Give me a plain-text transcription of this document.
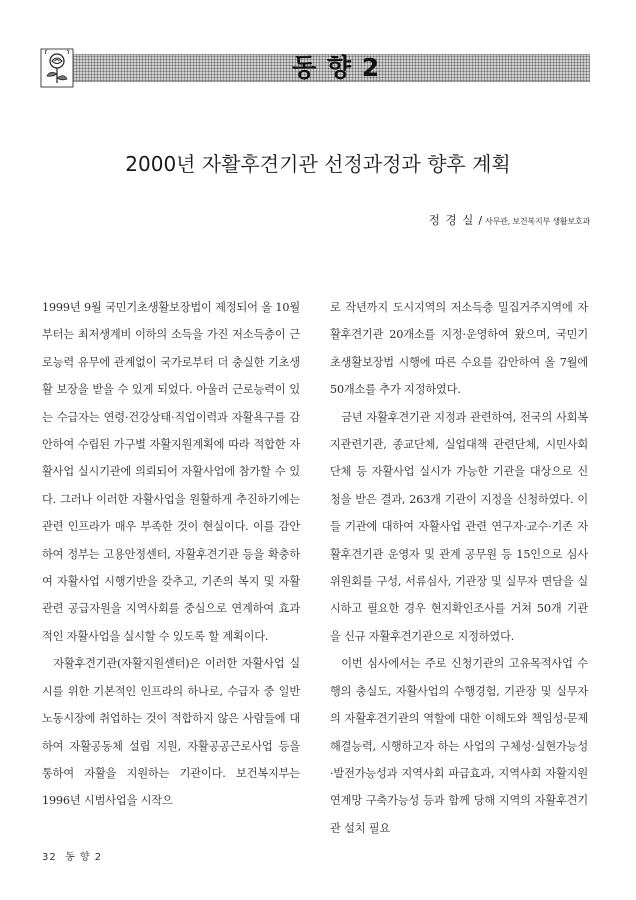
동 향 2
2000년 자활후견기관 선정과정과 향후 계획
정 경 실 / 사무관, 보건복지부 생활보호과

1999년 9월 국민기초생활보장법이 제정되어 올 10월부터는 최저생계비 이하의 소득을 가진 저소득층이 근로능력 유무에 관계없이 국가로부터 더 충실한 기초생활 보장을 받을 수 있게 되었다. 아울러 근로능력이 있는 수급자는 연령·건강상태·직업이력과 자활욕구를 감안하여 수립된 가구별 자활지원계획에 따라 적합한 자활사업 실시기관에 의뢰되어 자활사업에 참가할 수 있다. 그러나 이러한 자활사업을 원활하게 추진하기에는 관련 인프라가 매우 부족한 것이 현실이다. 이를 감안하여 정부는 고용안정센터, 자활후견기관 등을 확충하여 자활사업 시행기반을 갖추고, 기존의 복지 및 자활관련 공급자원을 지역사회를 중심으로 연계하여 효과적인 자활사업을 실시할 수 있도록 할 계획이다.

자활후견기관(자활지원센터)은 이러한 자활사업 실시를 위한 기본적인 인프라의 하나로, 수급자 중 일반 노동시장에 취업하는 것이 적합하지 않은 사람들에 대하여 자활공동체 설립 지원, 자활공공근로사업 등을 통하여 자활을 지원하는 기관이다. 보건복지부는 1996년 시범사업을 시작으

로 작년까지 도시지역의 저소득층 밀집거주지역에 자활후견기관 20개소를 지정·운영하여 왔으며, 국민기초생활보장법 시행에 따른 수요를 감안하여 올 7월에 50개소를 추가 지정하였다.

금년 자활후견기관 지정과 관련하여, 전국의 사회복지관련기관, 종교단체, 실업대책 관련단체, 시민사회단체 등 자활사업 실시가 가능한 기관을 대상으로 신청을 받은 결과, 263개 기관이 지정을 신청하였다. 이들 기관에 대하여 자활사업 관련 연구자·교수·기존 자활후견기관 운영자 및 관계 공무원 등 15인으로 심사위원회를 구성, 서류심사, 기관장 및 실무자 면담을 실시하고 필요한 경우 현지확인조사를 거쳐 50개 기관을 신규 자활후견기관으로 지정하였다.

이번 심사에서는 주로 신청기관의 고유목적사업 수행의 충실도, 자활사업의 수행경험, 기관장 및 실무자의 자활후견기관의 역할에 대한 이해도와 책임성·문제해결능력, 시행하고자 하는 사업의 구체성·실현가능성·발전가능성과 지역사회 파급효과, 지역사회 자활지원 연계망 구축가능성 등과 함께 당해 지역의 자활후견기관 설치 필요

32 동 향 2
